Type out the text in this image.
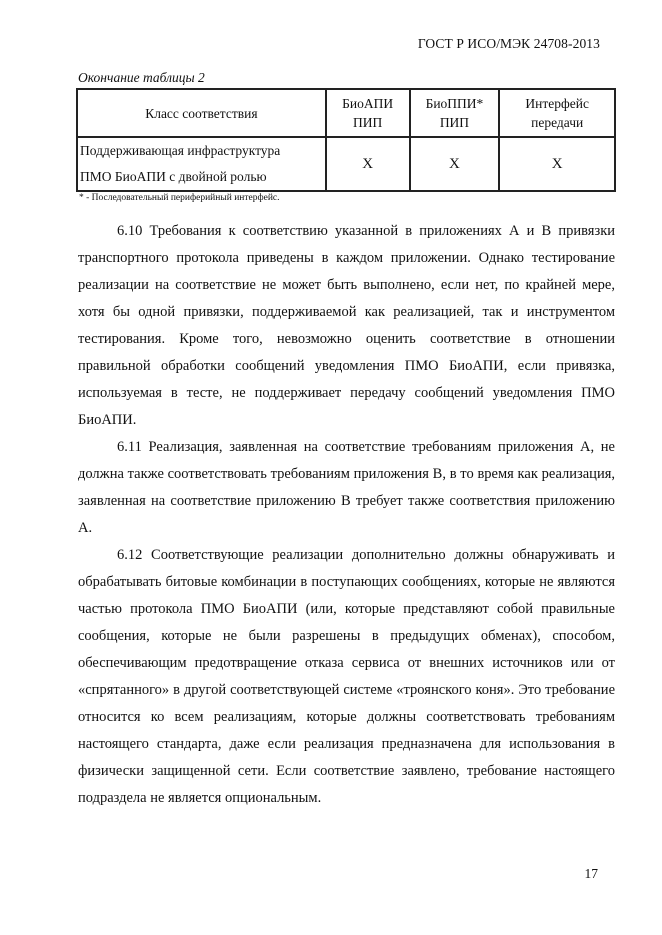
ГОСТ Р ИСО/МЭК 24708-2013
Окончание таблицы 2
Класс соответствия	БиоАПИ ПИП	БиоППИ* ПИП	Интерфейс передачи
Поддерживающая инфраструктура
ПМО БиоАПИ с двойной ролью	X	X	X
* - Последовательный периферийный интерфейс.

6.10 Требования к соответствию указанной в приложениях А и В привязки транспортного протокола приведены в каждом приложении. Однако тестирование реализации на соответствие не может быть выполнено, если нет, по крайней мере, хотя бы одной привязки, поддерживаемой как реализацией, так и инструментом тестирования. Кроме того, невозможно оценить соответствие в отношении правильной обработки сообщений уведомления ПМО БиоАПИ, если привязка, используемая в тесте, не поддерживает передачу сообщений уведомления ПМО БиоАПИ.

6.11 Реализация, заявленная на соответствие требованиям приложения А, не должна также соответствовать требованиям приложения В, в то время как реализация, заявленная на соответствие приложению В требует также соответствия приложению А.

6.12 Соответствующие реализации дополнительно должны обнаруживать и обрабатывать битовые комбинации в поступающих сообщениях, которые не являются частью протокола ПМО БиоАПИ (или, которые представляют собой правильные сообщения, которые не были разрешены в предыдущих обменах), способом, обеспечивающим предотвращение отказа сервиса от внешних источников или от «спрятанного» в другой соответствующей системе «троянского коня». Это требование относится ко всем реализациям, которые должны соответствовать требованиям настоящего стандарта, даже если реализация предназначена для использования в физически защищенной сети. Если соответствие заявлено, требование настоящего подраздела не является опциональным.

17
